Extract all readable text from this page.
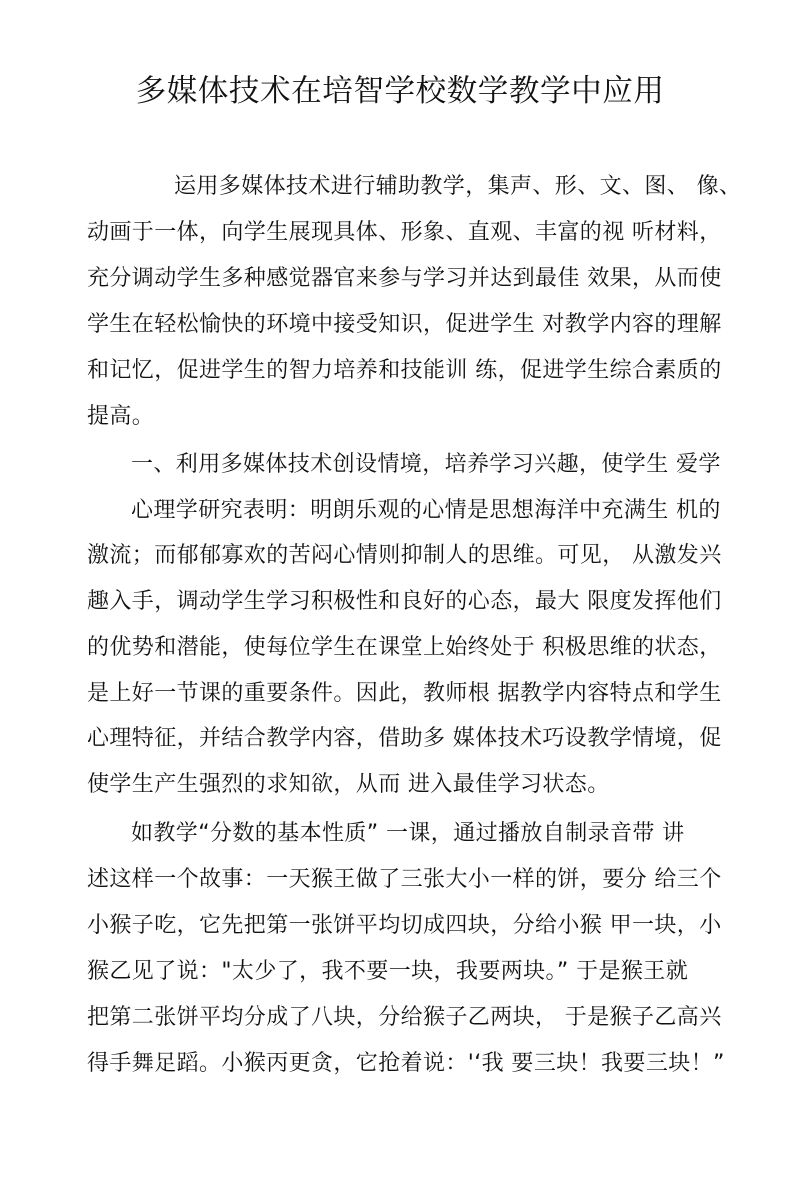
多媒体技术在培智学校数学教学中应用
运用多媒体技术进行辅助教学，集声、形、文、图、 像、
动画于一体，向学生展现具体、形象、直观、丰富的视 听材料，
充分调动学生多种感觉器官来参与学习并达到最佳 效果，从而使
学生在轻松愉快的环境中接受知识，促进学生 对教学内容的理解
和记忆，促进学生的智力培养和技能训 练，促进学生综合素质的
提高。
一、利用多媒体技术创设情境，培养学习兴趣，使学生 爱学
心理学研究表明：明朗乐观的心情是思想海洋中充满生 机的
激流；而郁郁寡欢的苦闷心情则抑制人的思维。可见， 从激发兴
趣入手，调动学生学习积极性和良好的心态，最大 限度发挥他们
的优势和潜能，使每位学生在课堂上始终处于 积极思维的状态，
是上好一节课的重要条件。因此，教师根 据教学内容特点和学生
心理特征，并结合教学内容，借助多 媒体技术巧设教学情境，促
使学生产生强烈的求知欲，从而 进入最佳学习状态。
如教学“分数的基本性质” 一课，通过播放自制录音带 讲
述这样一个故事：一天猴王做了三张大小一样的饼，要分 给三个
小猴子吃，它先把第一张饼平均切成四块，分给小猴 甲一块，小
猴乙见了说："太少了，我不要一块，我要两块。” 于是猴王就
把第二张饼平均分成了八块，分给猴子乙两块， 于是猴子乙高兴
得手舞足蹈。小猴丙更贪，它抢着说：'‘我 要三块！我要三块！”
